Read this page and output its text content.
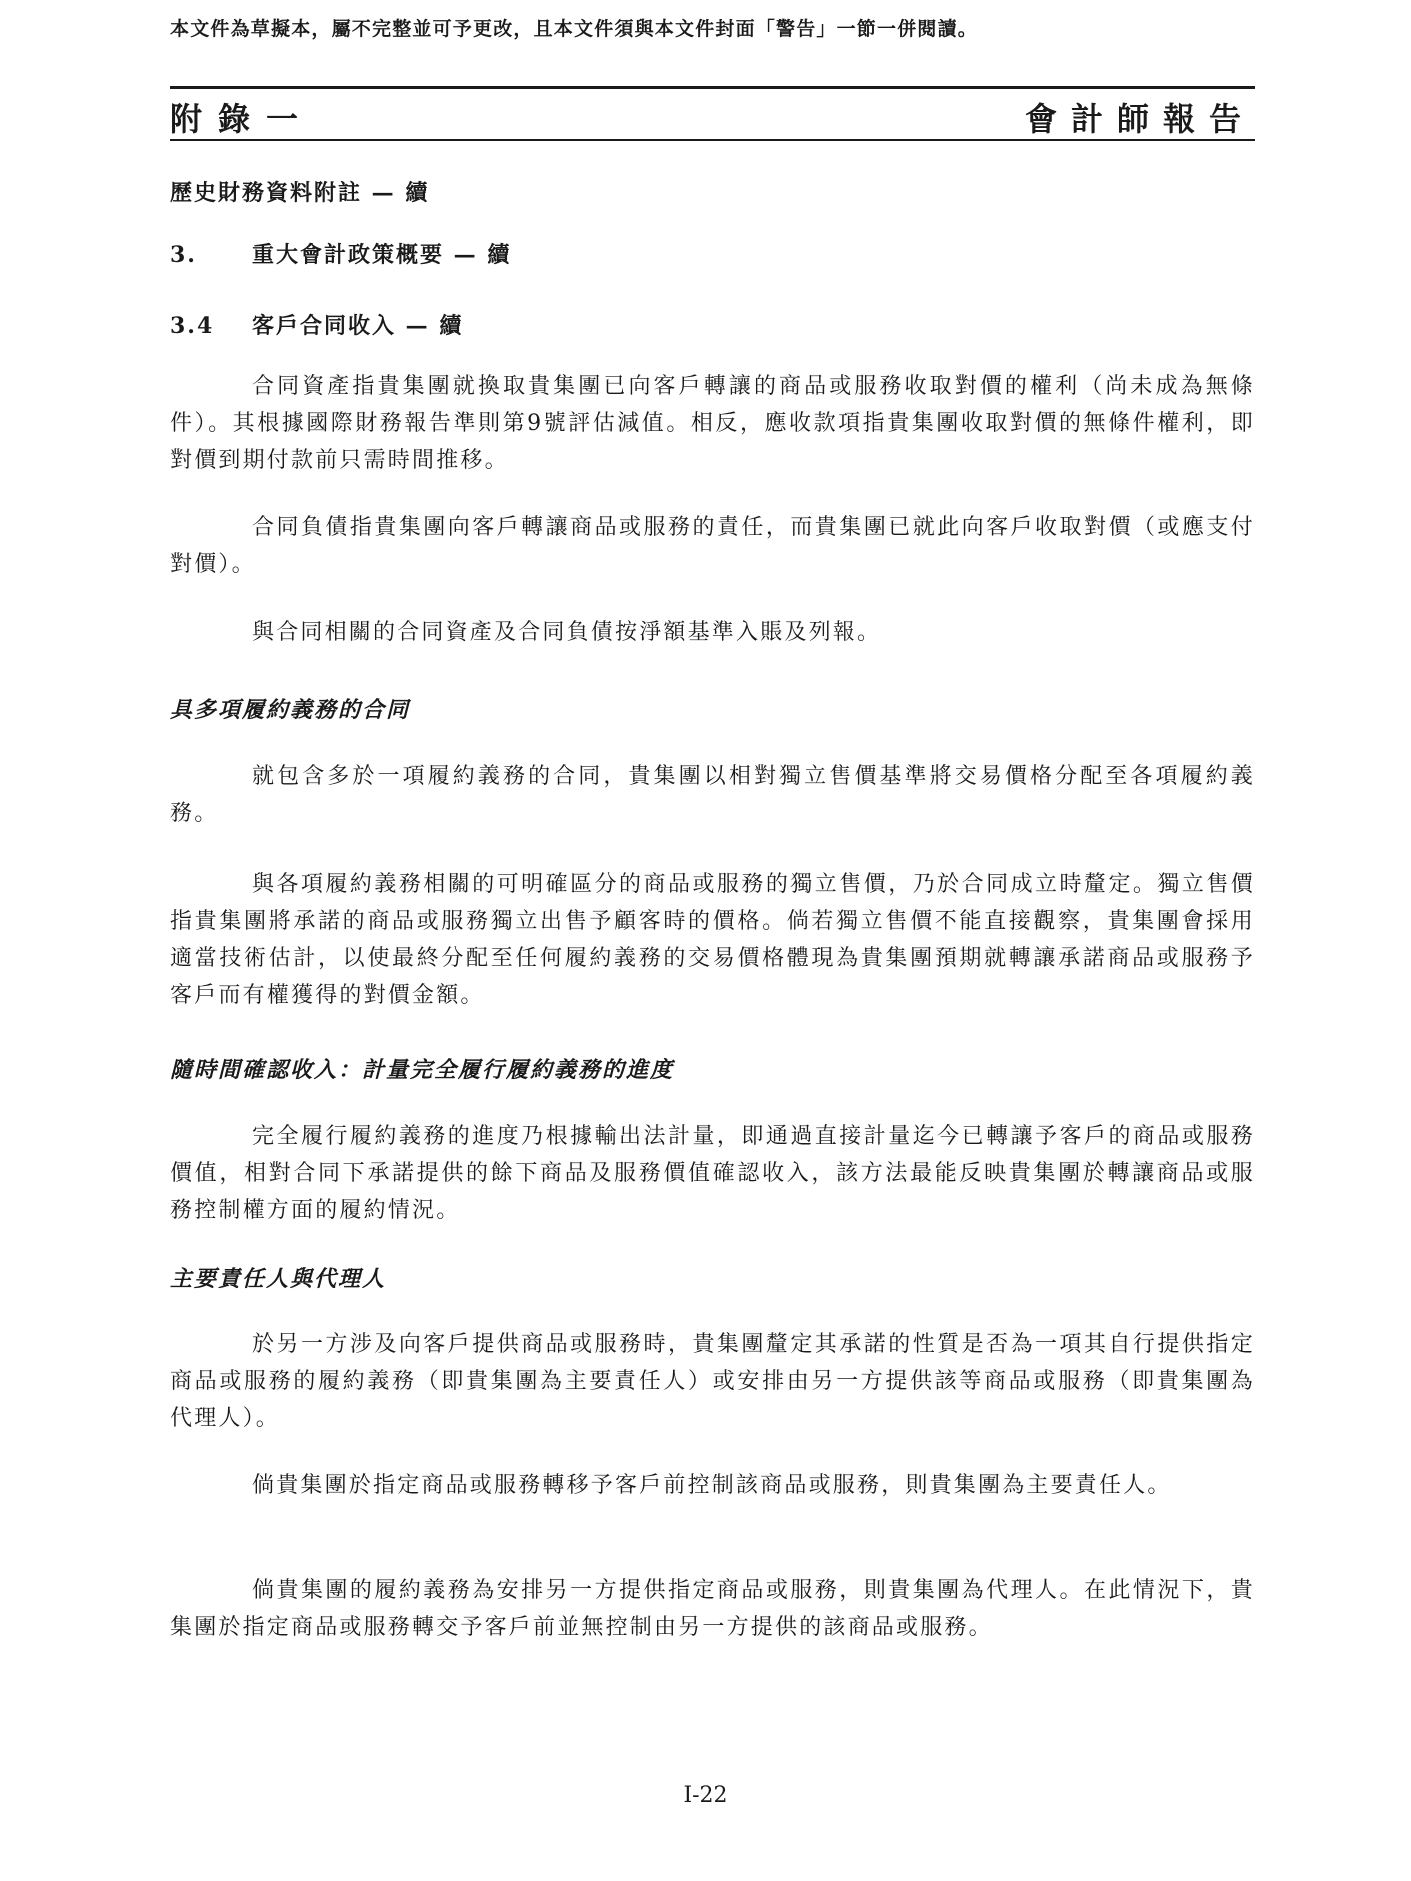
本文件為草擬本，屬不完整並可予更改，且本文件須與本文件封面「警告」一節一併閱讀。
附錄一	會計師報告
歷史財務資料附註 — 續
3.	重大會計政策概要 — 續
3.4 客戶合同收入 — 續

合同資產指貴集團就換取貴集團已向客戶轉讓的商品或服務收取對價的權利（尚未成為無條件）。其根據國際財務報告準則第9號評估減值。相反，應收款項指貴集團收取對價的無條件權利，即對價到期付款前只需時間推移。

合同負債指貴集團向客戶轉讓商品或服務的責任，而貴集團已就此向客戶收取對價（或應支付對價）。

與合同相關的合同資產及合同負債按淨額基準入賬及列報。

具多項履約義務的合同

就包含多於一項履約義務的合同，貴集團以相對獨立售價基準將交易價格分配至各項履約義務。

與各項履約義務相關的可明確區分的商品或服務的獨立售價，乃於合同成立時釐定。獨立售價指貴集團將承諾的商品或服務獨立出售予顧客時的價格。倘若獨立售價不能直接觀察，貴集團會採用適當技術估計，以使最終分配至任何履約義務的交易價格體現為貴集團預期就轉讓承諾商品或服務予客戶而有權獲得的對價金額。

隨時間確認收入：計量完全履行履約義務的進度

完全履行履約義務的進度乃根據輸出法計量，即通過直接計量迄今已轉讓予客戶的商品或服務價值，相對合同下承諾提供的餘下商品及服務價值確認收入，該方法最能反映貴集團於轉讓商品或服務控制權方面的履約情況。

主要責任人與代理人

於另一方涉及向客戶提供商品或服務時，貴集團釐定其承諾的性質是否為一項其自行提供指定商品或服務的履約義務（即貴集團為主要責任人）或安排由另一方提供該等商品或服務（即貴集團為代理人）。

倘貴集團於指定商品或服務轉移予客戶前控制該商品或服務，則貴集團為主要責任人。

倘貴集團的履約義務為安排另一方提供指定商品或服務，則貴集團為代理人。在此情況下，貴集團於指定商品或服務轉交予客戶前並無控制由另一方提供的該商品或服務。

I-22
